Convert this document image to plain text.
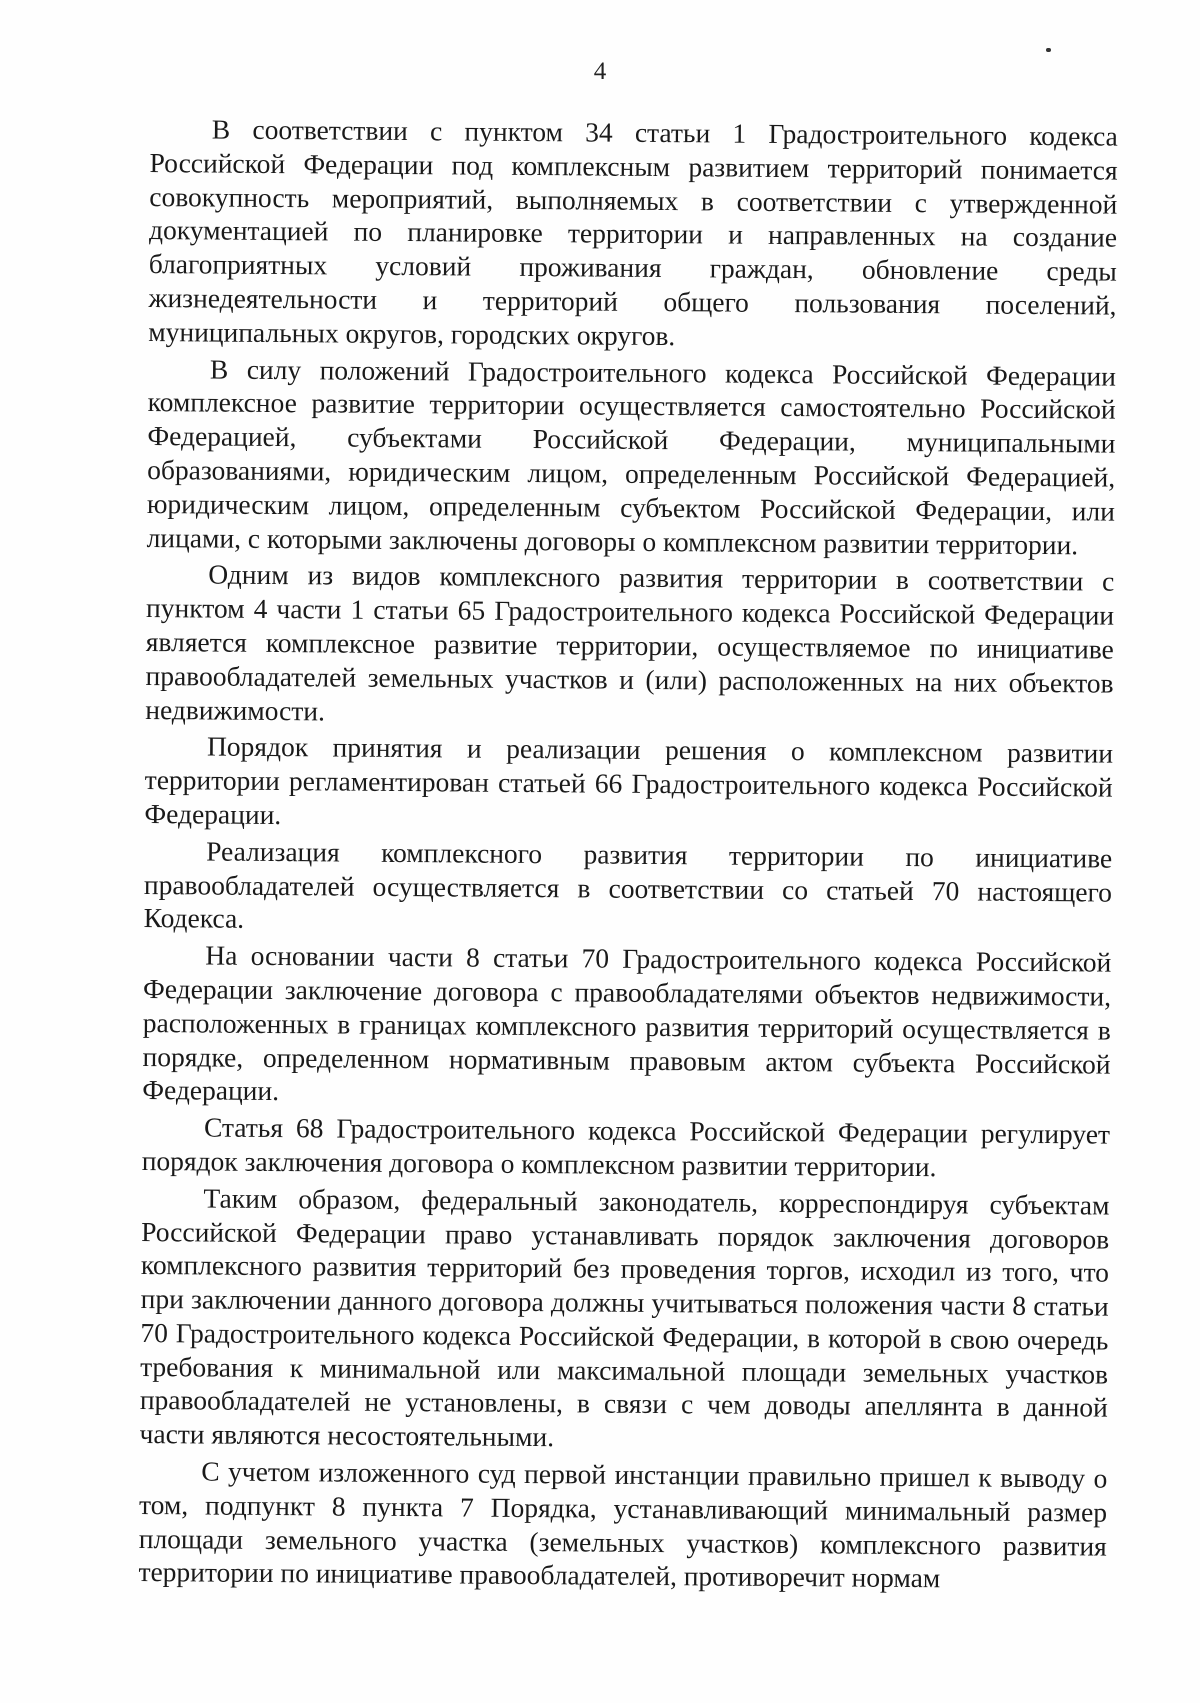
4

В соответствии с пунктом 34 статьи 1 Градостроительного кодекса Российской Федерации под комплексным развитием территорий понимается совокупность мероприятий, выполняемых в соответствии с утвержденной документацией по планировке территории и направленных на создание благоприятных условий проживания граждан, обновление среды жизнедеятельности и территорий общего пользования поселений, муниципальных округов, городских округов.

В силу положений Градостроительного кодекса Российской Федерации комплексное развитие территории осуществляется самостоятельно Российской Федерацией, субъектами Российской Федерации, муниципальными образованиями, юридическим лицом, определенным Российской Федерацией, юридическим лицом, определенным субъектом Российской Федерации, или лицами, с которыми заключены договоры о комплексном развитии территории.

Одним из видов комплексного развития территории в соответствии с пунктом 4 части 1 статьи 65 Градостроительного кодекса Российской Федерации является комплексное развитие территории, осуществляемое по инициативе правообладателей земельных участков и (или) расположенных на них объектов недвижимости.

Порядок принятия и реализации решения о комплексном развитии территории регламентирован статьей 66 Градостроительного кодекса Российской Федерации.

Реализация комплексного развития территории по инициативе правообладателей осуществляется в соответствии со статьей 70 настоящего Кодекса.

На основании части 8 статьи 70 Градостроительного кодекса Российской Федерации заключение договора с правообладателями объектов недвижимости, расположенных в границах комплексного развития территорий осуществляется в порядке, определенном нормативным правовым актом субъекта Российской Федерации.

Статья 68 Градостроительного кодекса Российской Федерации регулирует порядок заключения договора о комплексном развитии территории.

Таким образом, федеральный законодатель, корреспондируя субъектам Российской Федерации право устанавливать порядок заключения договоров комплексного развития территорий без проведения торгов, исходил из того, что при заключении данного договора должны учитываться положения части 8 статьи 70 Градостроительного кодекса Российской Федерации, в которой в свою очередь требования к минимальной или максимальной площади земельных участков правообладателей не установлены, в связи с чем доводы апеллянта в данной части являются несостоятельными.

С учетом изложенного суд первой инстанции правильно пришел к выводу о том, подпункт 8 пункта 7 Порядка, устанавливающий минимальный размер площади земельного участка (земельных участков) комплексного развития территории по инициативе правообладателей, противоречит нормам
